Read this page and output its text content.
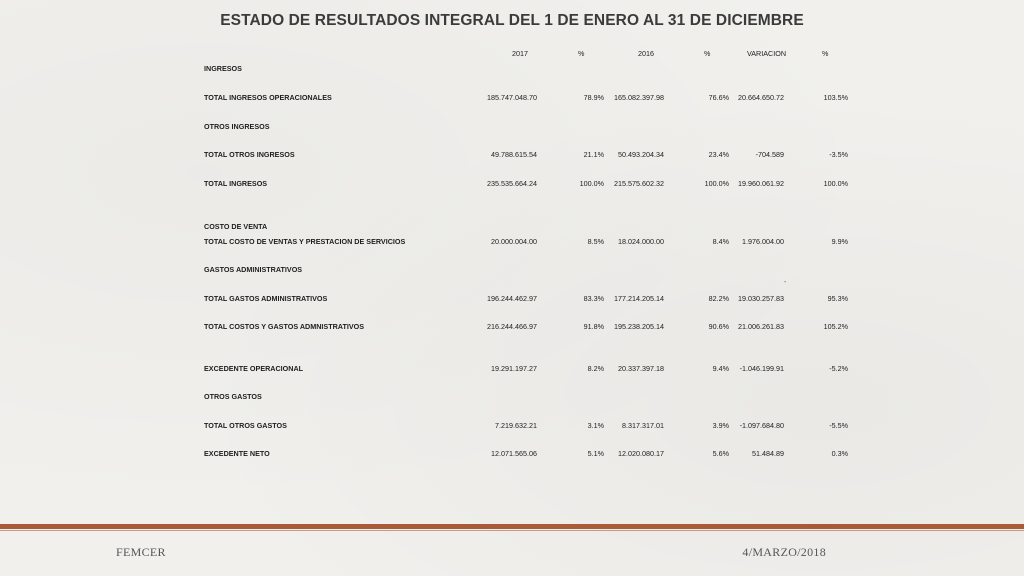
ESTADO DE RESULTADOS INTEGRAL DEL 1 DE ENERO AL 31 DE DICIEMBRE
2017	%	2016	%	VARIACION	%
INGRESOS
TOTAL INGRESOS OPERACIONALES	185.747.048.70	78.9% 165.082.397.98	76.6% 20.664.650.72	103.5%
OTROS INGRESOS
TOTAL OTROS INGRESOS	49.788.615.54	21.1% 50.493.204.34	23.4%	-704.589	-3.5%
TOTAL INGRESOS	235.535.664.24	100.0% 215.575.602.32	100.0% 19.960.061.92	100.0%
COSTO DE VENTA
TOTAL COSTO DE VENTAS Y PRESTACION DE SERVICIOS	20.000.004.00	8.5% 18.024.000.00	8.4% 1.976.004.00	9.9%
GASTOS ADMINISTRATIVOS
TOTAL GASTOS ADMINISTRATIVOS	196.244.462.97	83.3% 177.214.205.14	82.2% 19.030.257.83	95.3%
TOTAL COSTOS Y GASTOS ADMNISTRATIVOS	216.244.466.97	91.8% 195.238.205.14	90.6% 21.006.261.83	105.2%
EXCEDENTE OPERACIONAL	19.291.197.27	8.2% 20.337.397.18	9.4% -1.046.199.91	-5.2%
OTROS GASTOS
TOTAL OTROS GASTOS	7.219.632.21	3.1%	8.317.317.01	3.9% -1.097.684.80	-5.5%
EXCEDENTE NETO	12.071.565.06	5.1% 12.020.080.17	5.6%	51.484.89	0.3%
-
FEMCER	4/MARZO/2018
